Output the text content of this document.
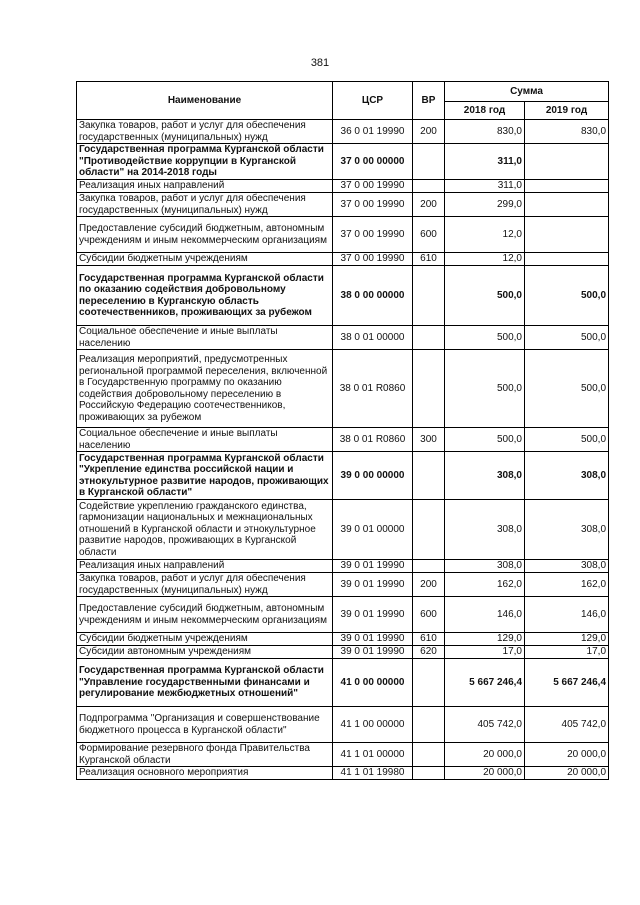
381
Наименование	ЦСР	ВР	Сумма	
			2018 год	2019 год
Закупка товаров, работ и услуг для обеспечения государственных (муниципальных) нужд	36 0 01 19990	200	830,0	830,0
Государственная программа Курганской области "Противодействие коррупции в Курганской области" на 2014-2018 годы	37 0 00 00000		311,0	
Реализация иных направлений	37 0 00 19990		311,0	
Закупка товаров, работ и услуг для обеспечения государственных (муниципальных) нужд	37 0 00 19990	200	299,0	
Предоставление субсидий бюджетным, автономным учреждениям и иным некоммерческим организациям	37 0 00 19990	600	12,0	
Субсидии бюджетным учреждениям	37 0 00 19990	610	12,0	
Государственная программа Курганской области по оказанию содействия добровольному переселению в Курганскую область соотечественников, проживающих за рубежом	38 0 00 00000		500,0	500,0
Социальное обеспечение и иные выплаты населению	38 0 01 00000		500,0	500,0
Реализация мероприятий, предусмотренных региональной программой переселения, включенной в Государственную программу по оказанию содействия добровольному переселению в Российскую Федерацию соотечественников, проживающих за рубежом	38 0 01 R0860		500,0	500,0
Социальное обеспечение и иные выплаты населению	38 0 01 R0860	300	500,0	500,0
Государственная программа Курганской области "Укрепление единства российской нации и этнокультурное развитие народов, проживающих в Курганской области"	39 0 00 00000		308,0	308,0
Содействие укреплению гражданского единства, гармонизации национальных и межнациональных отношений в Курганской области и этнокультурное развитие народов, проживающих в Курганской области	39 0 01 00000		308,0	308,0
Реализация иных направлений	39 0 01 19990		308,0	308,0
Закупка товаров, работ и услуг для обеспечения государственных (муниципальных) нужд	39 0 01 19990	200	162,0	162,0
Предоставление субсидий бюджетным, автономным учреждениям и иным некоммерческим организациям	39 0 01 19990	600	146,0	146,0
Субсидии бюджетным учреждениям	39 0 01 19990	610	129,0	129,0
Субсидии автономным учреждениям	39 0 01 19990	620	17,0	17,0
Государственная программа Курганской области "Управление государственными финансами и регулирование межбюджетных отношений"	41 0 00 00000		5 667 246,4	5 667 246,4
Подпрограмма "Организация и совершенствование бюджетного процесса в Курганской области"	41 1 00 00000		405 742,0	405 742,0
Формирование резервного фонда Правительства Курганской области	41 1 01 00000		20 000,0	20 000,0
Реализация основного мероприятия	41 1 01 19980		20 000,0	20 000,0
